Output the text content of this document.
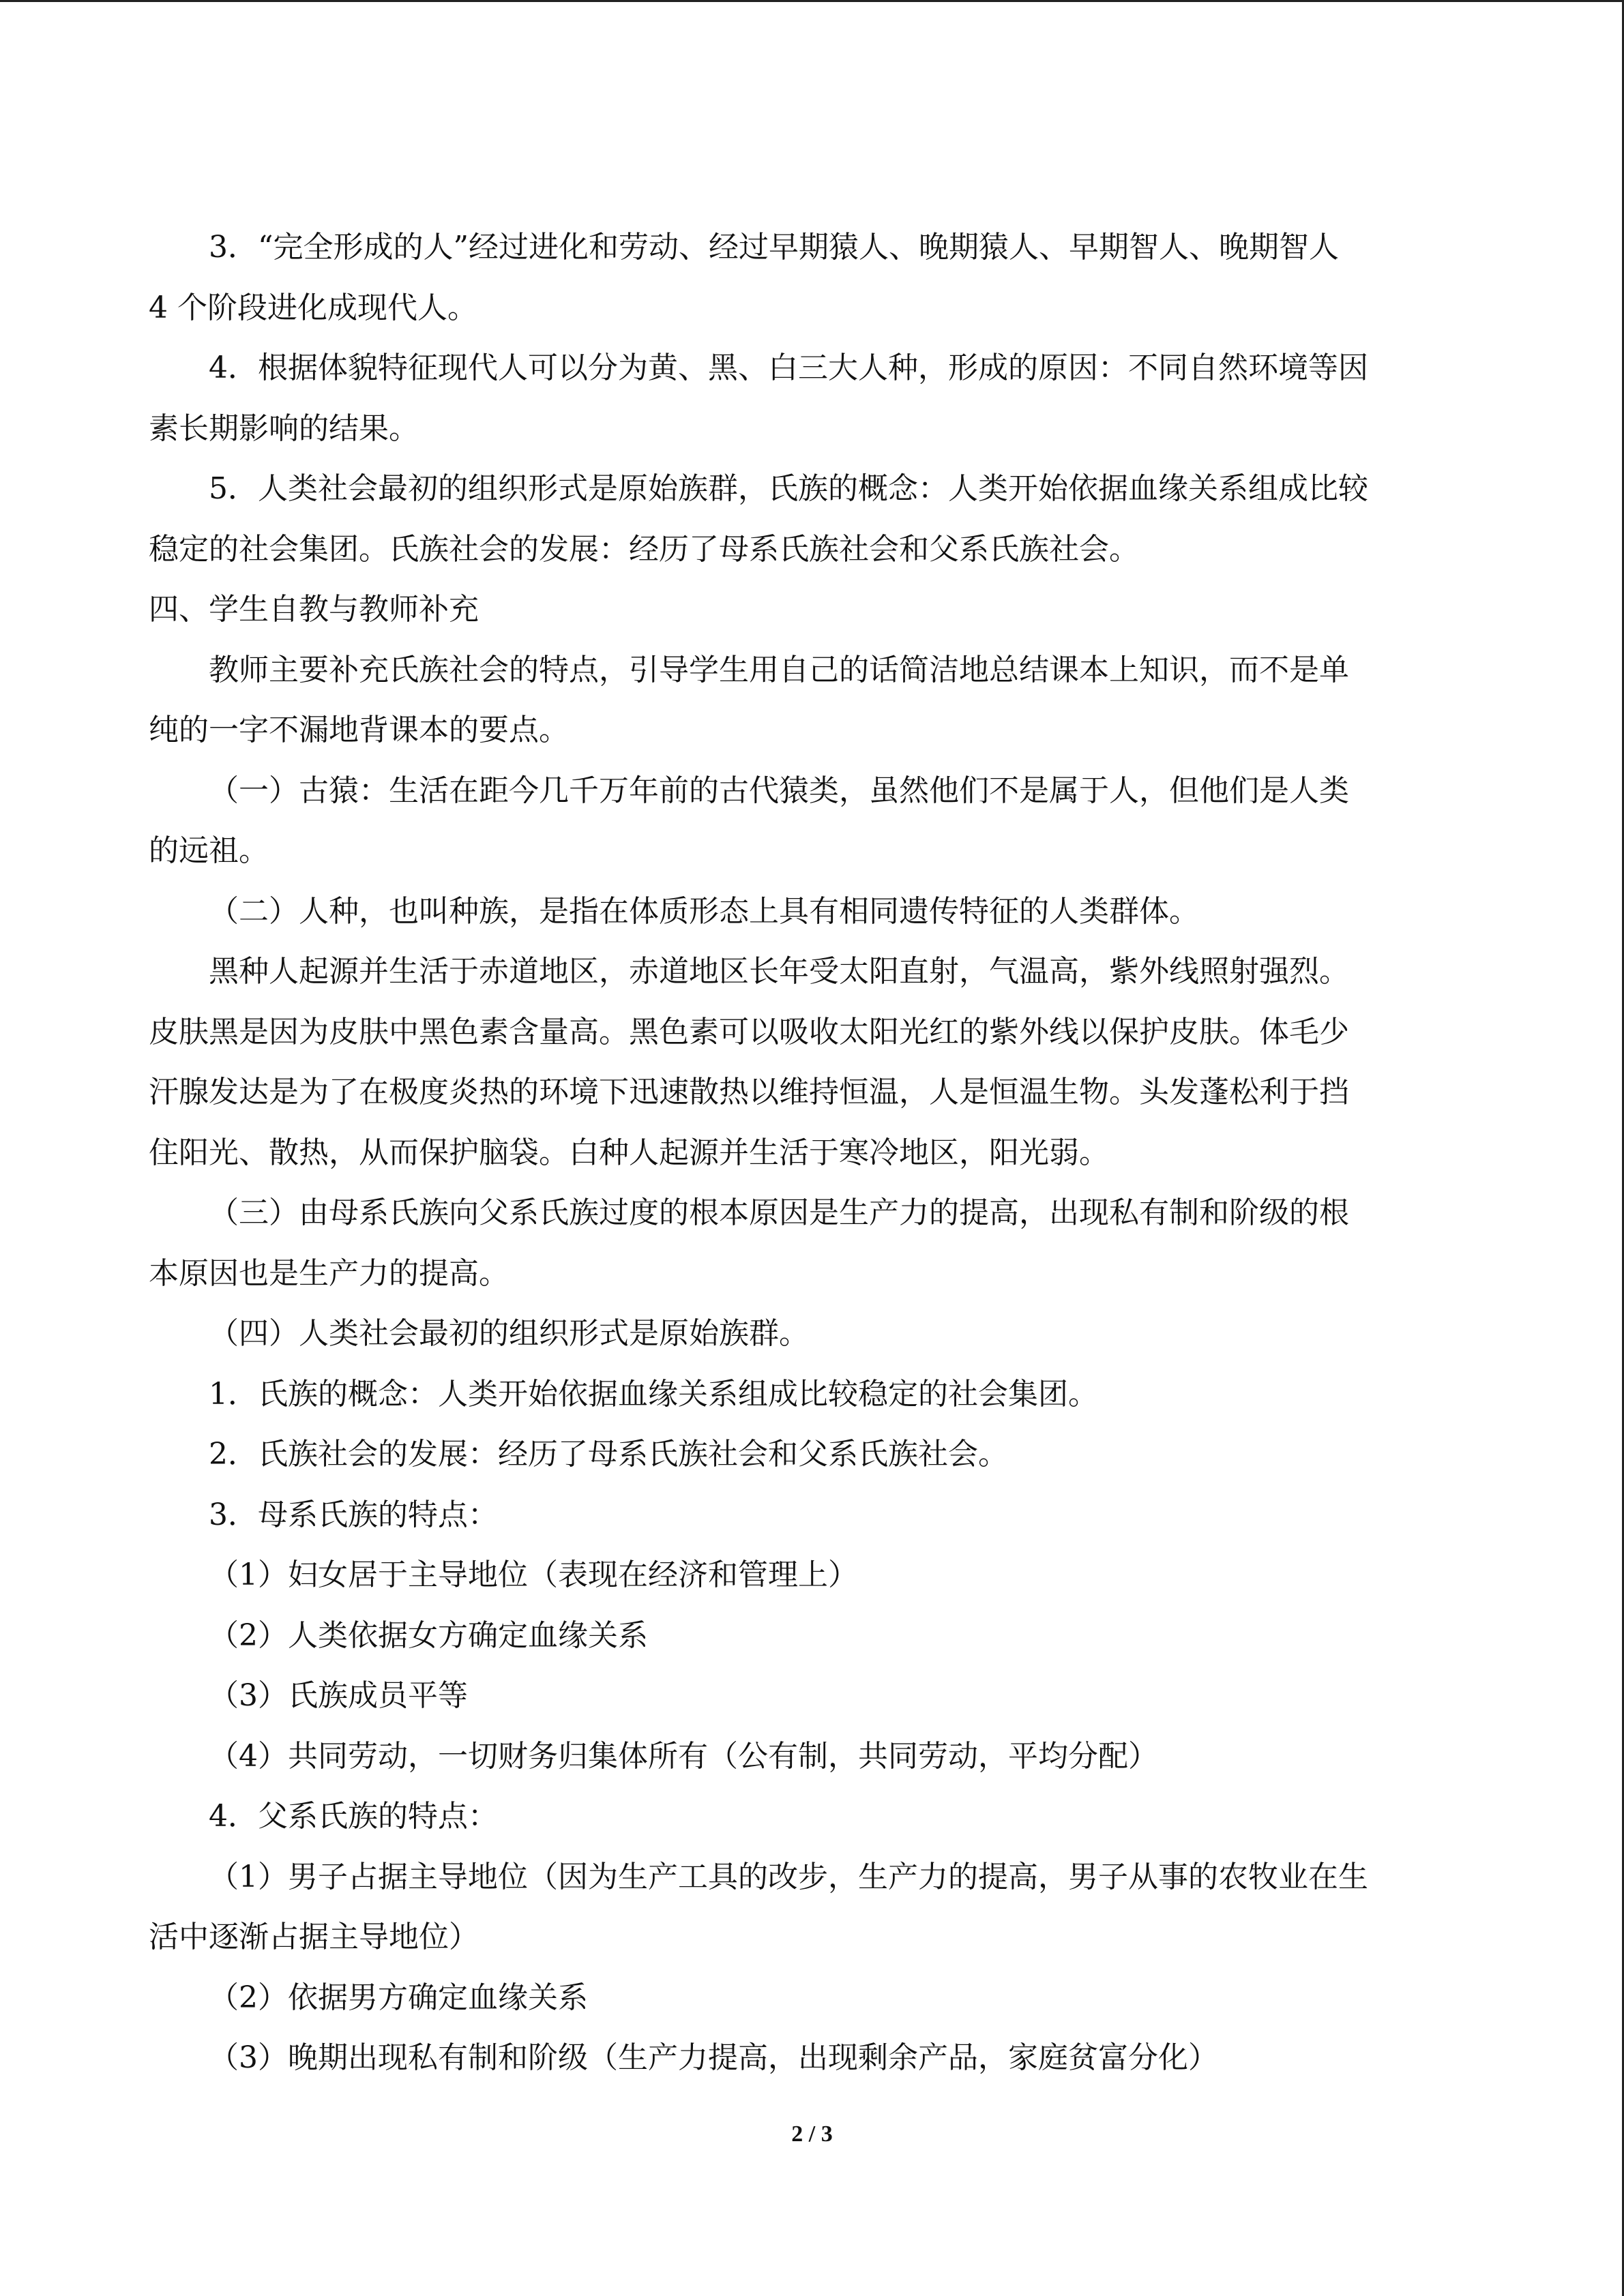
3．“完全形成的人”经过进化和劳动、经过早期猿人、晚期猿人、早期智人、晚期智人
4 个阶段进化成现代人。
4．根据体貌特征现代人可以分为黄、黑、白三大人种，形成的原因：不同自然环境等因
素长期影响的结果。
5．人类社会最初的组织形式是原始族群，氏族的概念：人类开始依据血缘关系组成比较
稳定的社会集团。氏族社会的发展：经历了母系氏族社会和父系氏族社会。
四、学生自教与教师补充
教师主要补充氏族社会的特点，引导学生用自己的话简洁地总结课本上知识，而不是单
纯的一字不漏地背课本的要点。
（一）古猿：生活在距今几千万年前的古代猿类，虽然他们不是属于人，但他们是人类
的远祖。
（二）人种，也叫种族，是指在体质形态上具有相同遗传特征的人类群体。
黑种人起源并生活于赤道地区，赤道地区长年受太阳直射，气温高，紫外线照射强烈。
皮肤黑是因为皮肤中黑色素含量高。黑色素可以吸收太阳光红的紫外线以保护皮肤。体毛少
汗腺发达是为了在极度炎热的环境下迅速散热以维持恒温，人是恒温生物。头发蓬松利于挡
住阳光、散热，从而保护脑袋。白种人起源并生活于寒冷地区，阳光弱。
（三）由母系氏族向父系氏族过度的根本原因是生产力的提高，出现私有制和阶级的根
本原因也是生产力的提高。
（四）人类社会最初的组织形式是原始族群。
1．氏族的概念：人类开始依据血缘关系组成比较稳定的社会集团。
2．氏族社会的发展：经历了母系氏族社会和父系氏族社会。
3．母系氏族的特点：
（1）妇女居于主导地位（表现在经济和管理上）
（2）人类依据女方确定血缘关系
（3）氏族成员平等
（4）共同劳动，一切财务归集体所有（公有制，共同劳动，平均分配）
4．父系氏族的特点：
（1）男子占据主导地位（因为生产工具的改步，生产力的提高，男子从事的农牧业在生
活中逐渐占据主导地位）
（2）依据男方确定血缘关系
（3）晚期出现私有制和阶级（生产力提高，出现剩余产品，家庭贫富分化）
2 / 3
